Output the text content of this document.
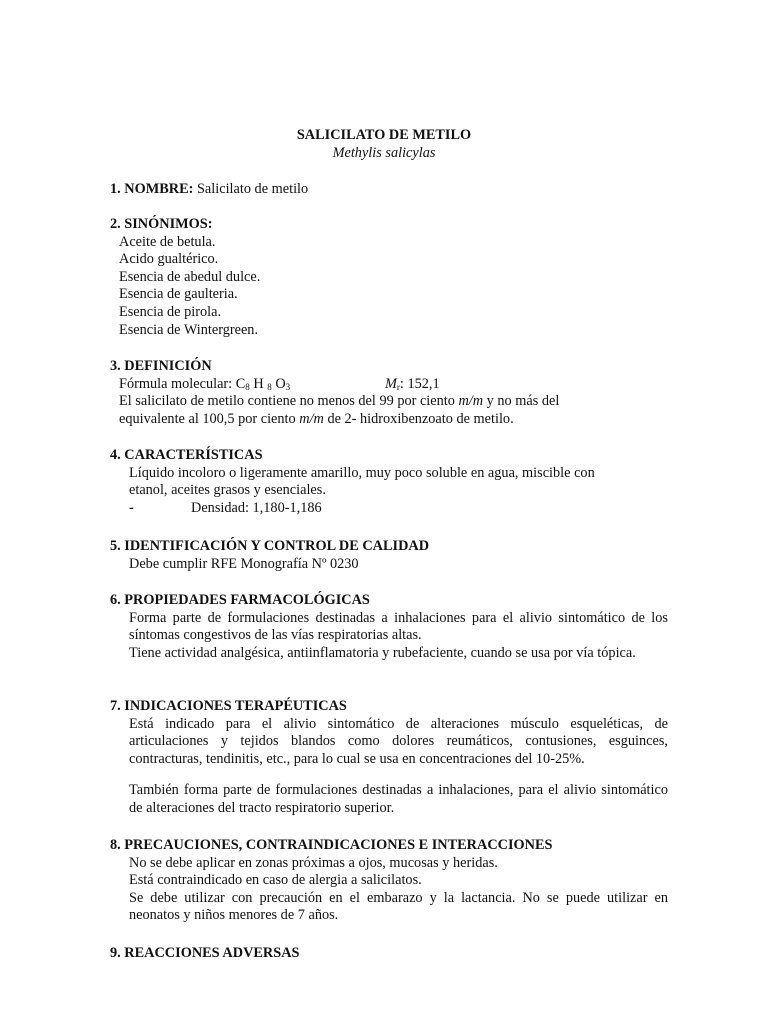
SALICILATO DE METILO
Methylis salicylas
1. NOMBRE: Salicilato de metilo
2. SINÓNIMOS:
Aceite de betula.
Acido gualtérico.
Esencia de abedul dulce.
Esencia de gaulteria.
Esencia de pirola.
Esencia de Wintergreen.
3. DEFINICIÓN
Fórmula molecular: $C_8$ H $_8$ $O_3$	$M_r$: 152,1
El salicilato de metilo contiene no menos del 99 por ciento m/m y no más del
equivalente al 100,5 por ciento m/m de 2- hidroxibenzoato de metilo.
4. CARACTERÍSTICAS
Líquido incoloro o ligeramente amarillo, muy poco soluble en agua, miscible con
etanol, aceites grasos y esenciales.
-	Densidad: 1,180-1,186
5. IDENTIFICACIÓN Y CONTROL DE CALIDAD
Debe cumplir RFE Monografía Nº 0230
6. PROPIEDADES FARMACOLÓGICAS
Forma parte de formulaciones destinadas a inhalaciones para el alivio sintomático de los síntomas congestivos de las vías respiratorias altas.
Tiene actividad analgésica, antiinflamatoria y rubefaciente, cuando se usa por vía tópica.
7. INDICACIONES TERAPÉUTICAS
Está indicado para el alivio sintomático de alteraciones músculo esqueléticas, de articulaciones y tejidos blandos como dolores reumáticos, contusiones, esguinces, contracturas, tendinitis, etc., para lo cual se usa en concentraciones del 10-25%.
También forma parte de formulaciones destinadas a inhalaciones, para el alivio sintomático de alteraciones del tracto respiratorio superior.
8. PRECAUCIONES, CONTRAINDICACIONES E INTERACCIONES
No se debe aplicar en zonas próximas a ojos, mucosas y heridas.
Está contraindicado en caso de alergia a salicilatos.
Se debe utilizar con precaución en el embarazo y la lactancia. No se puede utilizar en neonatos y niños menores de 7 años.
9. REACCIONES ADVERSAS
